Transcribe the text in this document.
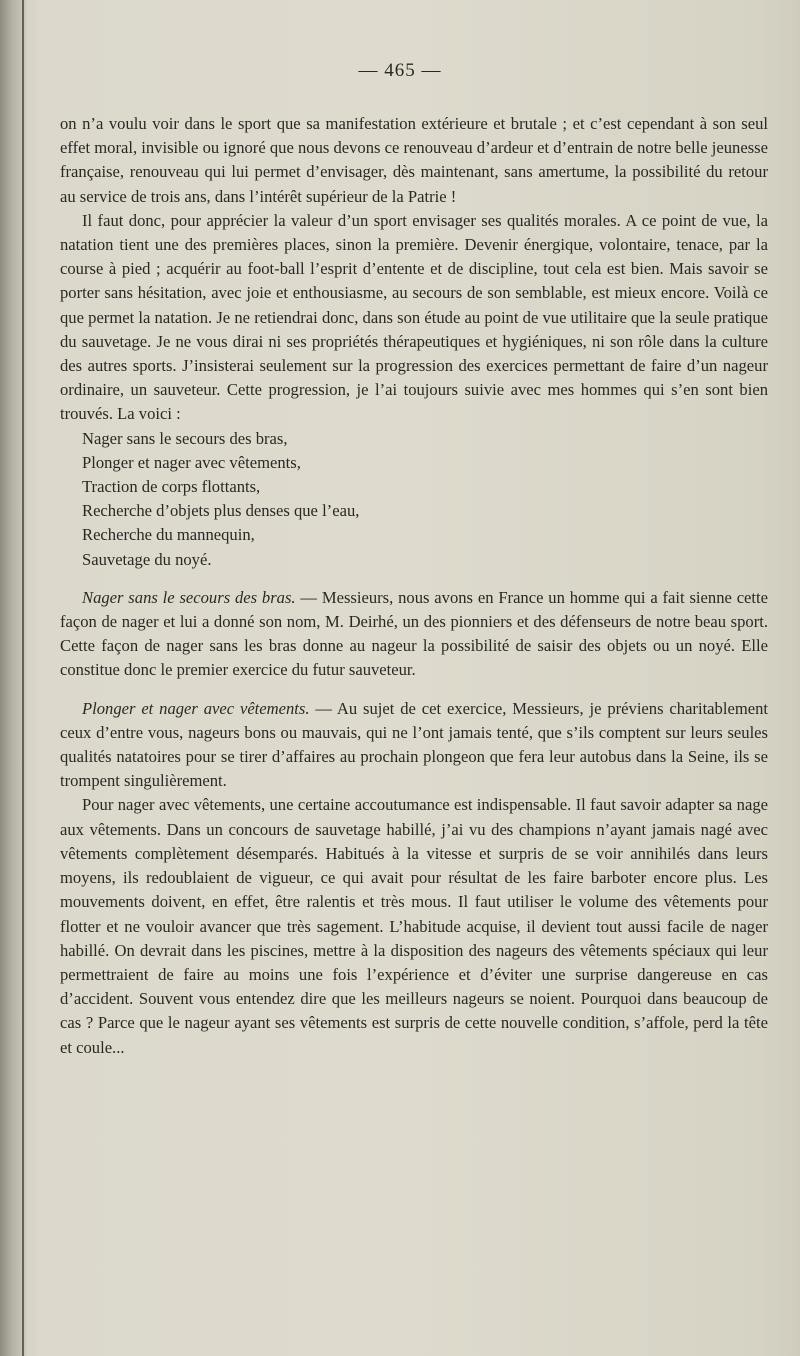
— 465 —

on n’a voulu voir dans le sport que sa manifestation extérieure et brutale ; et c’est cependant à son seul effet moral, invisible ou ignoré que nous devons ce renouveau d’ardeur et d’entrain de notre belle jeunesse française, renouveau qui lui permet d’envisager, dès maintenant, sans amertume, la possibilité du retour au service de trois ans, dans l’intérêt supérieur de la Patrie !

Il faut donc, pour apprécier la valeur d’un sport envisager ses qualités morales. A ce point de vue, la natation tient une des premières places, sinon la première. Devenir énergique, volontaire, tenace, par la course à pied ; acquérir au foot-ball l’esprit d’entente et de discipline, tout cela est bien. Mais savoir se porter sans hésitation, avec joie et enthousiasme, au secours de son semblable, est mieux encore. Voilà ce que permet la natation. Je ne retiendrai donc, dans son étude au point de vue utilitaire que la seule pratique du sauvetage. Je ne vous dirai ni ses propriétés thérapeutiques et hygiéniques, ni son rôle dans la culture des autres sports. J’insisterai seulement sur la progression des exercices permettant de faire d’un nageur ordinaire, un sauveteur. Cette progression, je l’ai toujours suivie avec mes hommes qui s’en sont bien trouvés. La voici :

Nager sans le secours des bras,
Plonger et nager avec vêtements,
Traction de corps flottants,
Recherche d’objets plus denses que l’eau,
Recherche du mannequin,
Sauvetage du noyé.

Nager sans le secours des bras. — Messieurs, nous avons en France un homme qui a fait sienne cette façon de nager et lui a donné son nom, M. Deirhé, un des pionniers et des défenseurs de notre beau sport. Cette façon de nager sans les bras donne au nageur la possibilité de saisir des objets ou un noyé. Elle constitue donc le premier exercice du futur sauveteur.

Plonger et nager avec vêtements. — Au sujet de cet exercice, Messieurs, je préviens charitablement ceux d’entre vous, nageurs bons ou mauvais, qui ne l’ont jamais tenté, que s’ils comptent sur leurs seules qualités natatoires pour se tirer d’affaires au prochain plongeon que fera leur autobus dans la Seine, ils se trompent singulièrement.

Pour nager avec vêtements, une certaine accoutumance est indispensable. Il faut savoir adapter sa nage aux vêtements. Dans un concours de sauvetage habillé, j’ai vu des champions n’ayant jamais nagé avec vêtements complètement désemparés. Habitués à la vitesse et surpris de se voir annihilés dans leurs moyens, ils redoublaient de vigueur, ce qui avait pour résultat de les faire barboter encore plus. Les mouvements doivent, en effet, être ralentis et très mous. Il faut utiliser le volume des vêtements pour flotter et ne vouloir avancer que très sagement. L’habitude acquise, il devient tout aussi facile de nager habillé. On devrait dans les piscines, mettre à la disposition des nageurs des vêtements spéciaux qui leur permettraient de faire au moins une fois l’expérience et d’éviter une surprise dangereuse en cas d’accident. Souvent vous entendez dire que les meilleurs nageurs se noient. Pourquoi dans beaucoup de cas ? Parce que le nageur ayant ses vêtements est surpris de cette nouvelle condition, s’affole, perd la tête et coule...
